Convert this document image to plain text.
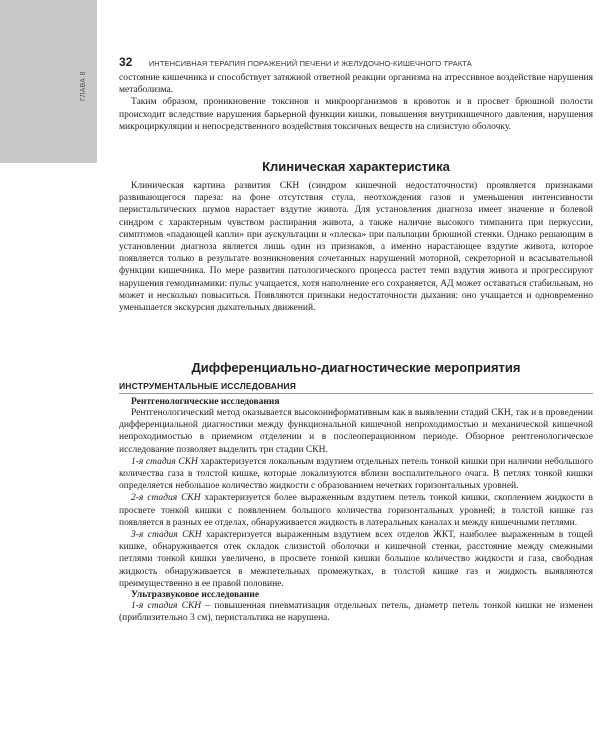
ГЛАВА 8
32 ИНТЕНСИВНАЯ ТЕРАПИЯ ПОРАЖЕНИЙ ПЕЧЕНИ И ЖЕЛУДОЧНО-КИШЕЧНОГО ТРАКТА

состояние кишечника и способствует затяжной ответной реакции организма на атрессивное воздействие нарушения метаболизма.

Таким образом, проникновение токсинов и микроорганизмов в кровоток и в просвет брюшной полости происходит вследствие нарушения барьерной функции кишки, повышения внутрикишечного давления, нарушения микроциркуляции и непосредственного воздействия токсичных веществ на слизистую оболочку.

Клиническая характеристика

Клиническая картина развития СКН (синдром кишечной недостаточности) проявляется признаками развивающегося пареза: на фоне отсутствия стула, неотхождения газов и уменьшения интенсивности перистальтических шумов нарастает вздутие живота. Для установления диагноза имеет значение и болевой синдром с характерным чувством распирания живота, а также наличие высокого тимпанита при перкуссии, симптомов «падающей капли» при аускультации и «плеска» при пальпации брюшной стенки. Однако решающим в установлении диагноза является лишь один из признаков, а именно нарастающее вздутие живота, которое появляется только в результате возникновения сочетанных нарушений моторной, секреторной и всасывательной функции кишечника. По мере развития патологического процесса растет темп вздутия живота и прогрессируют нарушения гемодинамики: пульс учащается, хотя наполнение его сохраняется, АД может оставаться стабильным, но может и несколько повыситься. Появляются признаки недостаточности дыхания: оно учащается и одновременно уменьшается экскурсия дыхательных движений.

Дифференциально-диагностические мероприятия
ИНСТРУМЕНТАЛЬНЫЕ ИССЛЕДОВАНИЯ
Рентгенологические исследования

Рентгенологический метод оказывается высокоинформативным как в выявлении стадий СКН, так и в проведении дифференциальной диагностики между функциональной кишечной непроходимостью и механической кишечной непроходимостью в приемном отделении и в послеоперационном периоде. Обзорное рентгенологическое исследование позволяет выделить три стадии СКН.

1-я стадия СКН характеризуется локальным вздутием отдельных петель тонкой кишки при наличии небольшого количества газа в толстой кишке, которые локализуются вблизи воспалительного очага. В петлях тонкой кишки определяется небольшое количество жидкости с образованием нечетких горизонтальных уровней.

2-я стадия СКН характеризуется более выраженным вздутием петель тонкой кишки, скоплением жидкости в просвете тонкой кишки с появлением большого количества горизонтальных уровней; в толстой кишке газ появляется в разных ее отделах, обнаруживается жидкость в латеральных каналах и между кишечными петлями.

3-я стадия СКН характеризуется выраженным вздутием всех отделов ЖКТ, наиболее выраженным в тощей кишке, обнаруживается отек складок слизистой оболочки и кишечной стенки, расстояние между смежными петлями тонкой кишки увеличено, в просвете тонкой кишки большое количество жидкости и газа, свободная жидкость обнаруживается в межпетельных промежутках, в толстой кишке газ и жидкость выявляются преимущественно в ее правой половине.

Ультразвуковое исследование

1-я стадия СКН – повышенная пневматизация отдельных петель, диаметр петель тонкой кишки не изменен (приблизительно 3 см), перистальтика не нарушена.
